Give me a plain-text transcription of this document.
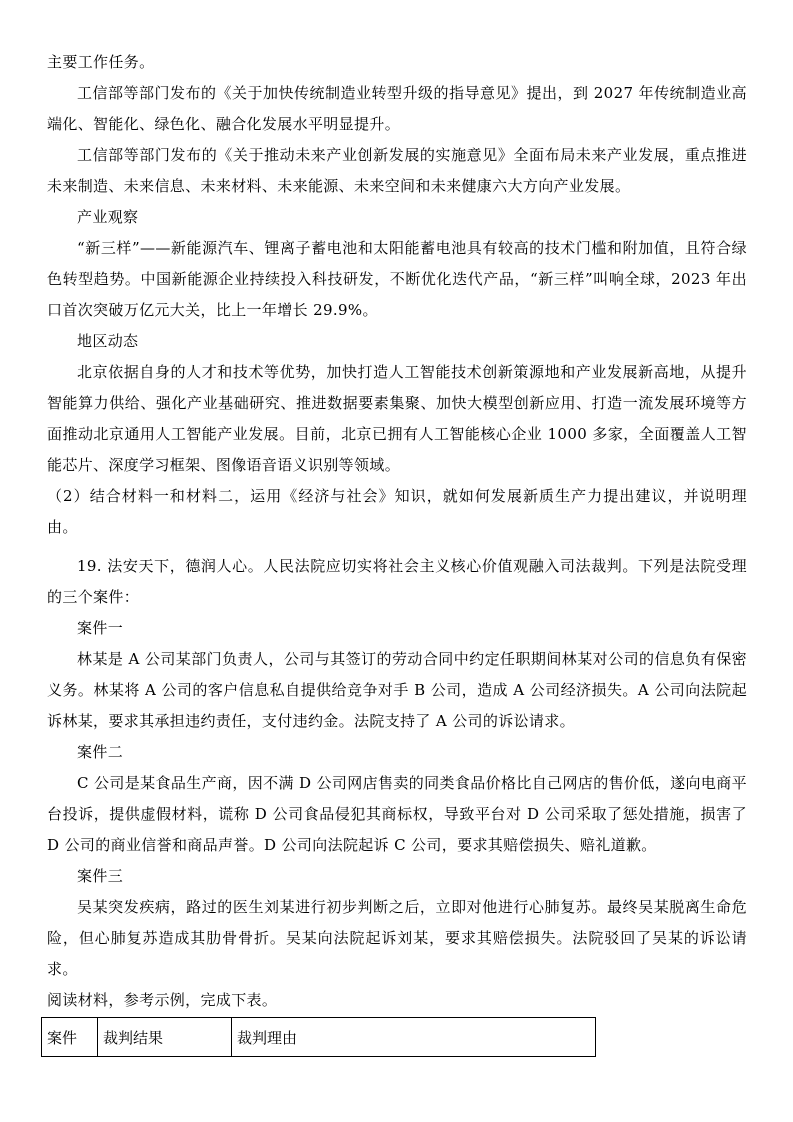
主要工作任务。

工信部等部门发布的《关于加快传统制造业转型升级的指导意见》提出，到 2027 年传统制造业高端化、智能化、绿色化、融合化发展水平明显提升。

工信部等部门发布的《关于推动未来产业创新发展的实施意见》全面布局未来产业发展，重点推进未来制造、未来信息、未来材料、未来能源、未来空间和未来健康六大方向产业发展。

产业观察

“新三样”——新能源汽车、锂离子蓄电池和太阳能蓄电池具有较高的技术门槛和附加值，且符合绿色转型趋势。中国新能源企业持续投入科技研发，不断优化迭代产品，“新三样”叫响全球，2023 年出口首次突破万亿元大关，比上一年增长 29.9%。

地区动态

北京依据自身的人才和技术等优势，加快打造人工智能技术创新策源地和产业发展新高地，从提升智能算力供给、强化产业基础研究、推进数据要素集聚、加快大模型创新应用、打造一流发展环境等方面推动北京通用人工智能产业发展。目前，北京已拥有人工智能核心企业 1000 多家，全面覆盖人工智能芯片、深度学习框架、图像语音语义识别等领域。

（2）结合材料一和材料二，运用《经济与社会》知识，就如何发展新质生产力提出建议，并说明理由。

19. 法安天下，德润人心。人民法院应切实将社会主义核心价值观融入司法裁判。下列是法院受理的三个案件：

案件一

林某是 A 公司某部门负责人，公司与其签订的劳动合同中约定任职期间林某对公司的信息负有保密义务。林某将 A 公司的客户信息私自提供给竞争对手 B 公司，造成 A 公司经济损失。A 公司向法院起诉林某，要求其承担违约责任，支付违约金。法院支持了 A 公司的诉讼请求。

案件二

C 公司是某食品生产商，因不满 D 公司网店售卖的同类食品价格比自己网店的售价低，遂向电商平台投诉，提供虚假材料，谎称 D 公司食品侵犯其商标权，导致平台对 D 公司采取了惩处措施，损害了 D 公司的商业信誉和商品声誉。D 公司向法院起诉 C 公司，要求其赔偿损失、赔礼道歉。

案件三

吴某突发疾病，路过的医生刘某进行初步判断之后，立即对他进行心肺复苏。最终吴某脱离生命危险，但心肺复苏造成其肋骨骨折。吴某向法院起诉刘某，要求其赔偿损失。法院驳回了吴某的诉讼请求。

阅读材料，参考示例，完成下表。

案件	裁判结果	裁判理由
